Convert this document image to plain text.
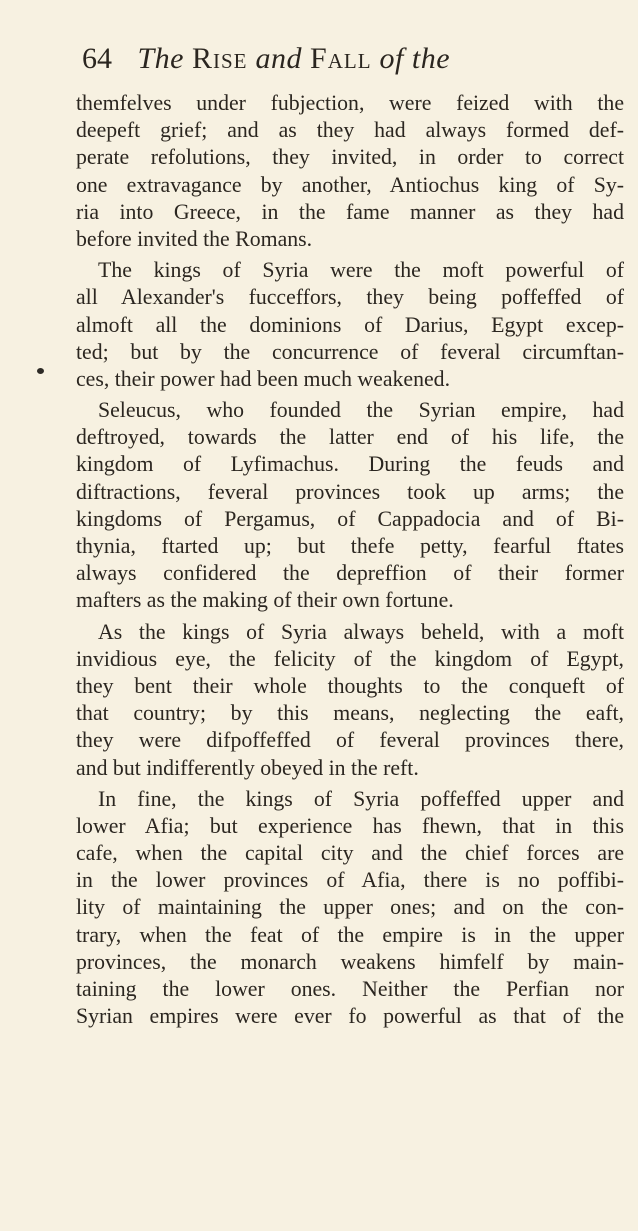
64 The Rise and Fall of the
themfelves under fubjection, were feized with the
deepeft grief; and as they had always formed def-
perate refolutions, they invited, in order to correct
one extravagance by another, Antiochus king of Sy-
ria into Greece, in the fame manner as they had
before invited the Romans.
The kings of Syria were the moft powerful of
all Alexander's fucceffors, they being poffeffed of
almoft all the dominions of Darius, Egypt excep-
ted; but by the concurrence of feveral circumftan-
ces, their power had been much weakened.
Seleucus, who founded the Syrian empire, had
deftroyed, towards the latter end of his life, the
kingdom of Lyfimachus. During the feuds and
diftractions, feveral provinces took up arms; the
kingdoms of Pergamus, of Cappadocia and of Bi-
thynia, ftarted up; but thefe petty, fearful ftates
always confidered the depreffion of their former
mafters as the making of their own fortune.
As the kings of Syria always beheld, with a moft
invidious eye, the felicity of the kingdom of Egypt,
they bent their whole thoughts to the conqueft of
that country; by this means, neglecting the eaft,
they were difpoffeffed of feveral provinces there,
and but indifferently obeyed in the reft.
In fine, the kings of Syria poffeffed upper and
lower Afia; but experience has fhewn, that in this
cafe, when the capital city and the chief forces are
in the lower provinces of Afia, there is no poffibi-
lity of maintaining the upper ones; and on the con-
trary, when the feat of the empire is in the upper
provinces, the monarch weakens himfelf by main-
taining the lower ones. Neither the Perfian nor
Syrian empires were ever fo powerful as that of the
